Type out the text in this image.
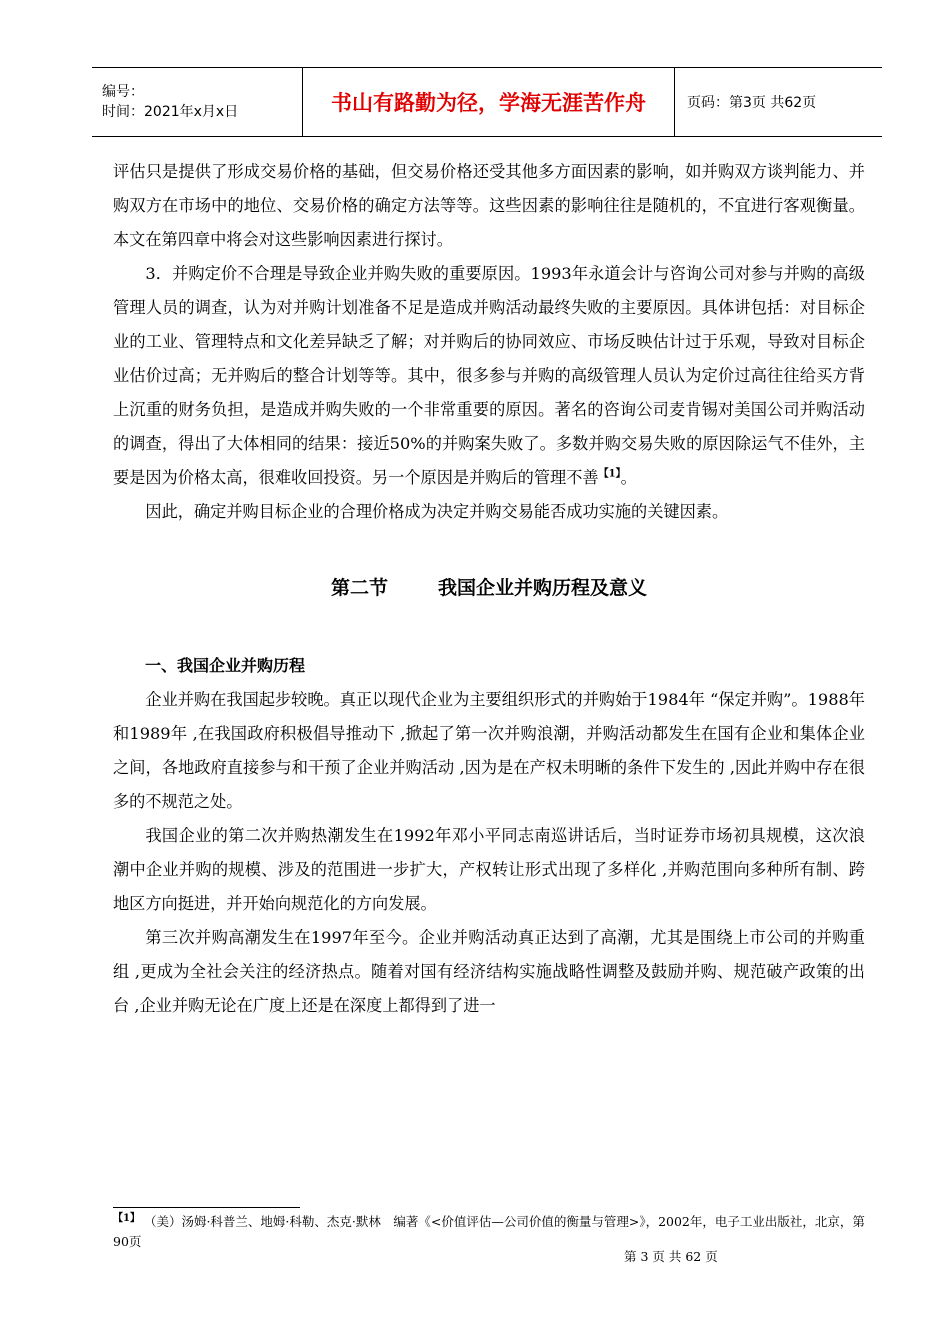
编号：
时间：2021年x月x日	书山有路勤为径，学海无涯苦作舟	页码：第3页 共62页

评估只是提供了形成交易价格的基础，但交易价格还受其他多方面因素的影响，如并购双方谈判能力、并购双方在市场中的地位、交易价格的确定方法等等。这些因素的影响往往是随机的，不宜进行客观衡量。本文在第四章中将会对这些影响因素进行探讨。

3．并购定价不合理是导致企业并购失败的重要原因。1993年永道会计与咨询公司对参与并购的高级管理人员的调查，认为对并购计划准备不足是造成并购活动最终失败的主要原因。具体讲包括：对目标企业的工业、管理特点和文化差异缺乏了解；对并购后的协同效应、市场反映估计过于乐观，导致对目标企业估价过高；无并购后的整合计划等等。其中，很多参与并购的高级管理人员认为定价过高往往给买方背上沉重的财务负担，是造成并购失败的一个非常重要的原因。著名的咨询公司麦肯锡对美国公司并购活动的调查，得出了大体相同的结果：接近50%的并购案失败了。多数并购交易失败的原因除运气不佳外，主要是因为价格太高，很难收回投资。另一个原因是并购后的管理不善$^{【1】}$。

因此，确定并购目标企业的合理价格成为决定并购交易能否成功实施的关键因素。

第二节	我国企业并购历程及意义

一、我国企业并购历程

企业并购在我国起步较晚。真正以现代企业为主要组织形式的并购始于1984年 “保定并购”。1988年和1989年 ,在我国政府积极倡导推动下 ,掀起了第一次并购浪潮，并购活动都发生在国有企业和集体企业之间，各地政府直接参与和干预了企业并购活动 ,因为是在产权未明晰的条件下发生的 ,因此并购中存在很多的不规范之处。

我国企业的第二次并购热潮发生在1992年邓小平同志南巡讲话后，当时证券市场初具规模，这次浪潮中企业并购的规模、涉及的范围进一步扩大，产权转让形式出现了多样化 ,并购范围向多种所有制、跨地区方向挺进，并开始向规范化的方向发展。

第三次并购高潮发生在1997年至今。企业并购活动真正达到了高潮，尤其是围绕上市公司的并购重组 ,更成为全社会关注的经济热点。随着对国有经济结构实施战略性调整及鼓励并购、规范破产政策的出台 ,企业并购无论在广度上还是在深度上都得到了进一

$^{【1】}$ （美）汤姆·科普兰、地姆·科勒、杰克·默林　编著《<价值评估—公司价值的衡量与管理>》，2002年，电子工业出版社，北京，第90页
第 3 页 共 62 页
